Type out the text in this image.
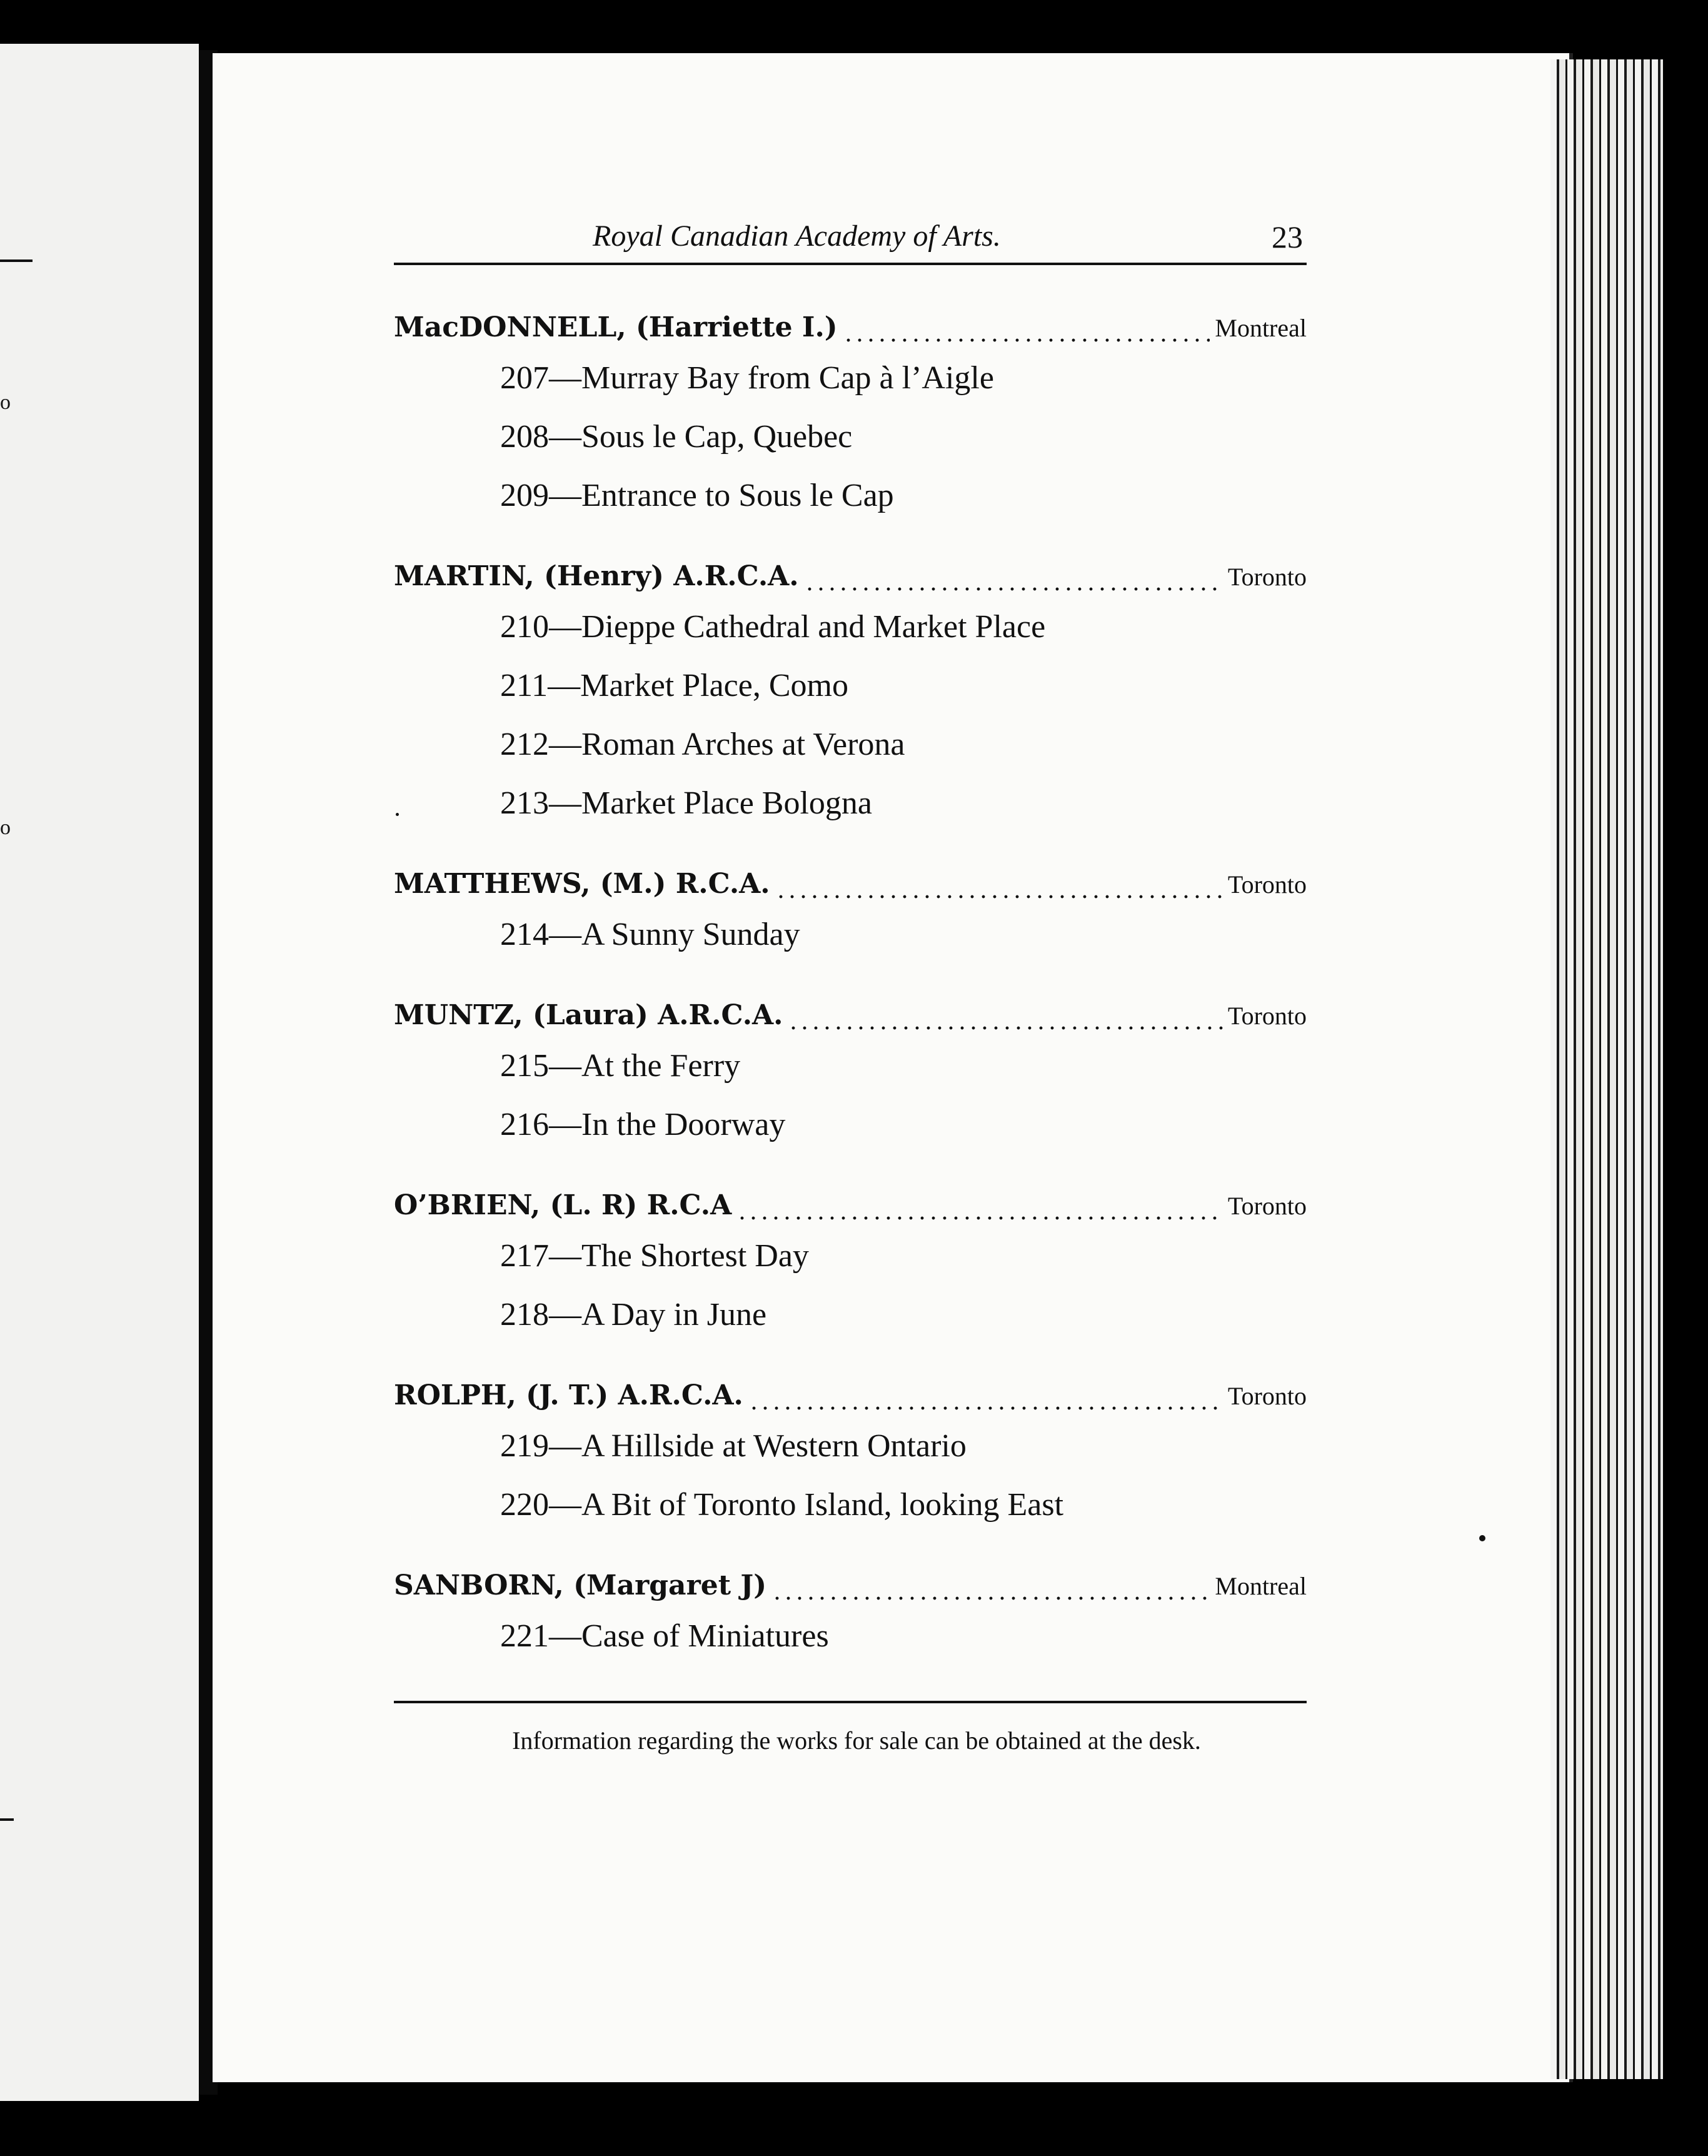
o
o
Royal Canadian Academy of Arts.	23
MacDONNELL, (Harriette I.)	Montreal
207 — Murray Bay from Cap à l’Aigle
208 — Sous le Cap, Quebec
209 — Entrance to Sous le Cap
MARTIN, (Henry) A.R.C.A.	Toronto
210 — Dieppe Cathedral and Market Place
211 — Market Place, Como
212 — Roman Arches at Verona
213 — Market Place Bologna
MATTHEWS, (M.) R.C.A.	Toronto
214 — A Sunny Sunday
MUNTZ, (Laura) A.R.C.A.	Toronto
215 — At the Ferry
216 — In the Doorway
O’BRIEN, (L. R) R.C.A	Toronto
217 — The Shortest Day
218 — A Day in June
ROLPH, (J. T.) A.R.C.A.	Toronto
219 — A Hillside at Western Ontario
220 — A Bit of Toronto Island, looking East
SANBORN, (Margaret J)	Montreal
221 — Case of Miniatures
Information regarding the works for sale can be obtained at the desk.
